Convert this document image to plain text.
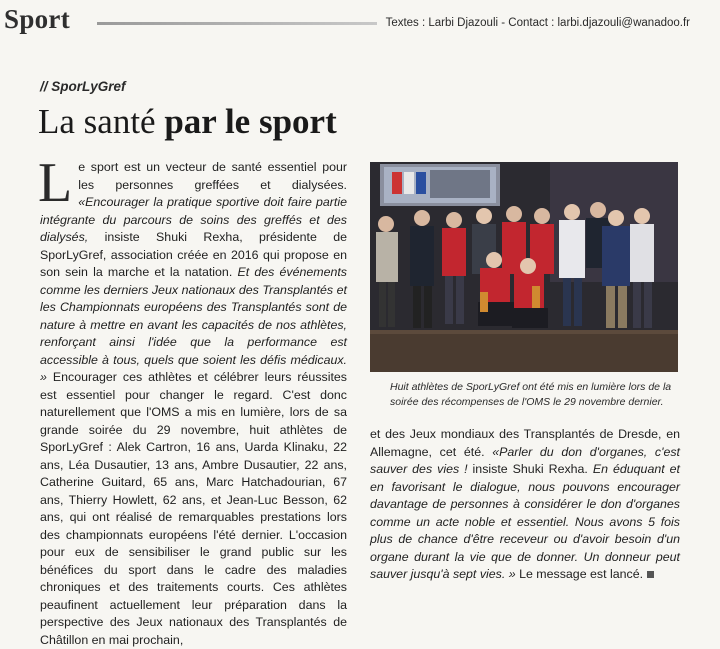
Sport	Textes : Larbi Djazouli - Contact : larbi.djazouli@wanadoo.fr
// SporLyGref
La santé par le sport

Le sport est un vecteur de santé essentiel pour les personnes greffées et dialysées. «Encourager la pratique sportive doit faire partie intégrante du parcours de soins des greffés et des dialysés, insiste Shuki Rexha, présidente de SporLyGref, association créée en 2016 qui propose en son sein la marche et la natation. Et des événements comme les derniers Jeux nationaux des Transplantés et les Championnats européens des Transplantés sont de nature à mettre en avant les capacités de nos athlètes, renforçant ainsi l'idée que la performance est accessible à tous, quels que soient les défis médicaux. » Encourager ces athlètes et célébrer leurs réussites est essentiel pour changer le regard. C'est donc naturellement que l'OMS a mis en lumière, lors de sa grande soirée du 29 novembre, huit athlètes de SporLyGref : Alek Cartron, 16 ans, Uarda Klinaku, 22 ans, Léa Dusautier, 13 ans, Ambre Dusautier, 22 ans, Catherine Guitard, 65 ans, Marc Hatchadourian, 67 ans, Thierry Howlett, 62 ans, et Jean-Luc Besson, 62 ans, qui ont réalisé de remarquables prestations lors des championnats européens l'été dernier. L'occasion pour eux de sensibiliser le grand public sur les bénéfices du sport dans le cadre des maladies chroniques et des traitements courts. Ces athlètes peaufinent actuellement leur préparation dans la perspective des Jeux nationaux des Transplantés de Châtillon en mai prochain,

Huit athlètes de SporLyGref ont été mis en lumière lors de la soirée des récompenses de l'OMS le 29 novembre dernier.

et des Jeux mondiaux des Transplantés de Dresde, en Allemagne, cet été. «Parler du don d'organes, c'est sauver des vies ! insiste Shuki Rexha. En éduquant et en favorisant le dialogue, nous pouvons encourager davantage de personnes à considérer le don d'organes comme un acte noble et essentiel. Nous avons 5 fois plus de chance d'être receveur ou d'avoir besoin d'un organe durant la vie que de donner. Un donneur peut sauver jusqu'à sept vies. » Le message est lancé.
